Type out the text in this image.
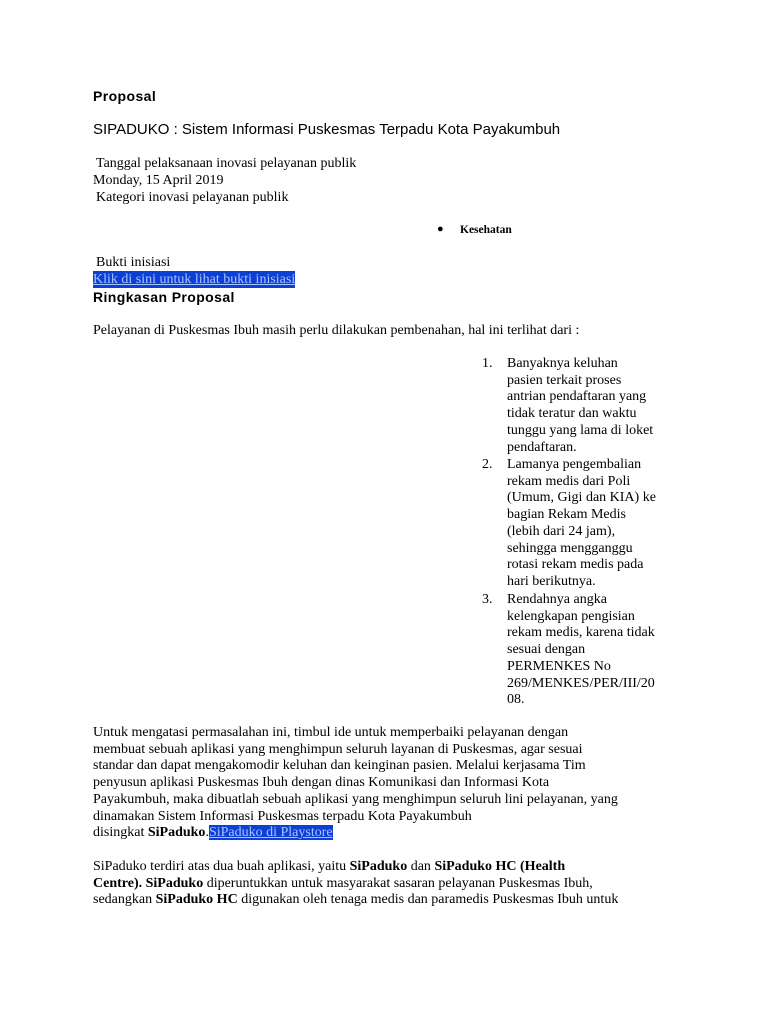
Proposal
SIPADUKO : Sistem Informasi Puskesmas Terpadu Kota Payakumbuh
Tanggal pelaksanaan inovasi pelayanan publik
Monday, 15 April 2019
Kategori inovasi pelayanan publik
● Kesehatan
Bukti inisiasi
Klik di sini untuk lihat bukti inisiasi
Ringkasan Proposal
Pelayanan di Puskesmas Ibuh masih perlu dilakukan pembenahan, hal ini terlihat dari :
1.	Banyaknya keluhan
pasien terkait proses
antrian pendaftaran yang
tidak teratur dan waktu
tunggu yang lama di loket
pendaftaran.
2.	Lamanya pengembalian
rekam medis dari Poli
(Umum, Gigi dan KIA) ke
bagian Rekam Medis
(lebih dari 24 jam),
sehingga mengganggu
rotasi rekam medis pada
hari berikutnya.
3.	Rendahnya angka
kelengkapan pengisian
rekam medis, karena tidak
sesuai dengan
PERMENKES No
269/MENKES/PER/III/20
08.
Untuk mengatasi permasalahan ini, timbul ide untuk memperbaiki pelayanan dengan
membuat sebuah aplikasi yang menghimpun seluruh layanan di Puskesmas, agar sesuai
standar dan dapat mengakomodir keluhan dan keinginan pasien. Melalui kerjasama Tim
penyusun aplikasi Puskesmas Ibuh dengan dinas Komunikasi dan Informasi Kota
Payakumbuh, maka dibuatlah sebuah aplikasi yang menghimpun seluruh lini pelayanan, yang
dinamakan Sistem Informasi Puskesmas terpadu Kota Payakumbuh
disingkat SiPaduko.SiPaduko di Playstore
SiPaduko terdiri atas dua buah aplikasi, yaitu SiPaduko dan SiPaduko HC (Health
Centre). SiPaduko diperuntukkan untuk masyarakat sasaran pelayanan Puskesmas Ibuh,
sedangkan SiPaduko HC digunakan oleh tenaga medis dan paramedis Puskesmas Ibuh untuk
